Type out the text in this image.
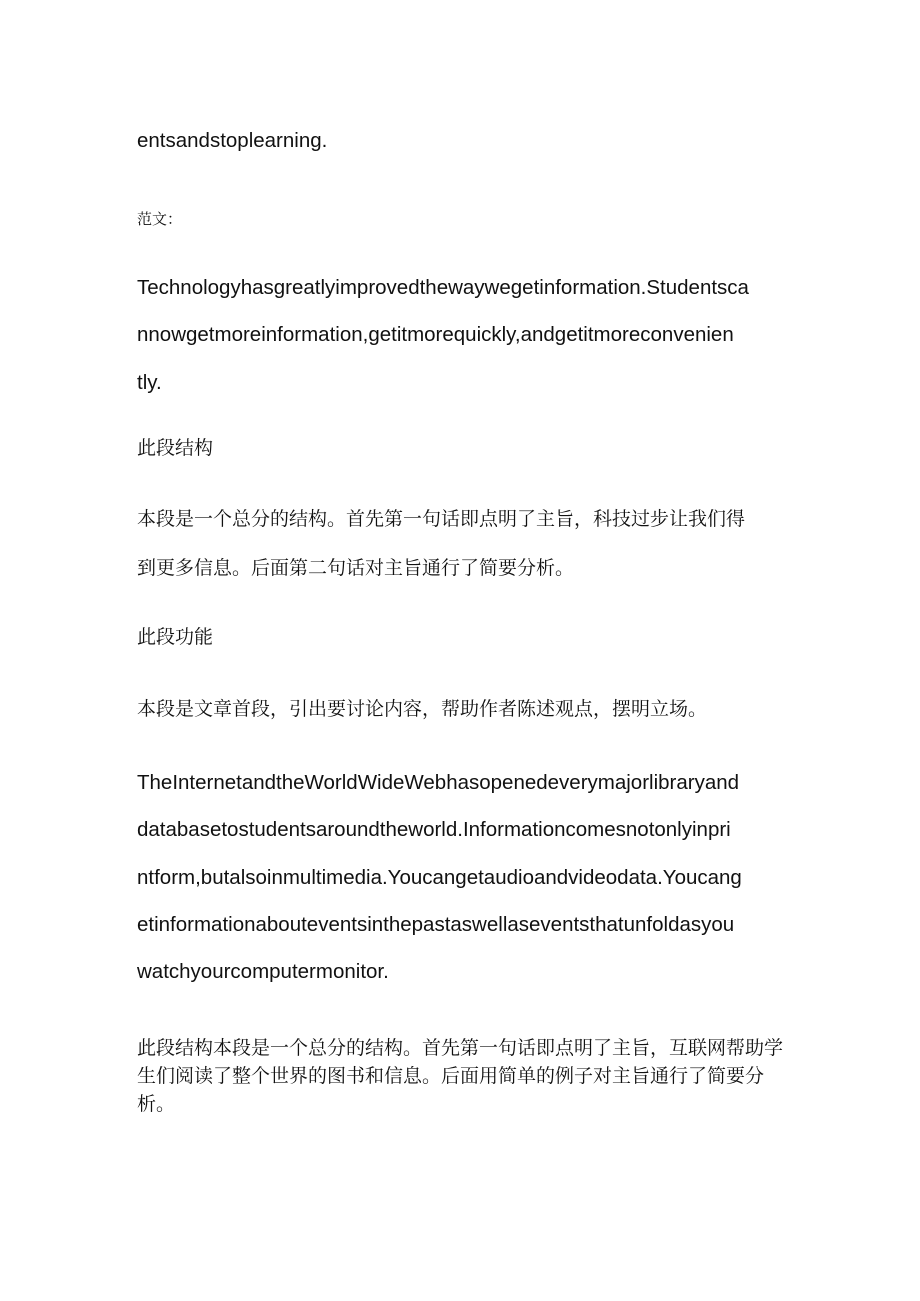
entsandstoplearning.
范文：
Technologyhasgreatlyimprovedthewaywegetinformation.Studentsca
nnowgetmoreinformation,getitmorequickly,andgetitmoreconvenien
tly.
此段结构
本段是一个总分的结构。首先第一句话即点明了主旨，科技过步让我们得
到更多信息。后面第二句话对主旨通行了简要分析。
此段功能
本段是文章首段，引出要讨论内容，帮助作者陈述观点，摆明立场。
TheInternetandtheWorldWideWebhasopenedeverymajorlibraryand
databasetostudentsaroundtheworld.Informationcomesnotonlyinpri
ntform,butalsoinmultimedia.Youcangetaudioandvideodata.Youcang
etinformationabouteventsinthepastaswellaseventsthatunfoldasyou
watchyourcomputermonitor.
此段结构本段是一个总分的结构。首先第一句话即点明了主旨，互联网帮助学生们阅读了整个世界的图书和信息。后面用简单的例子对主旨通行了简要分析。
